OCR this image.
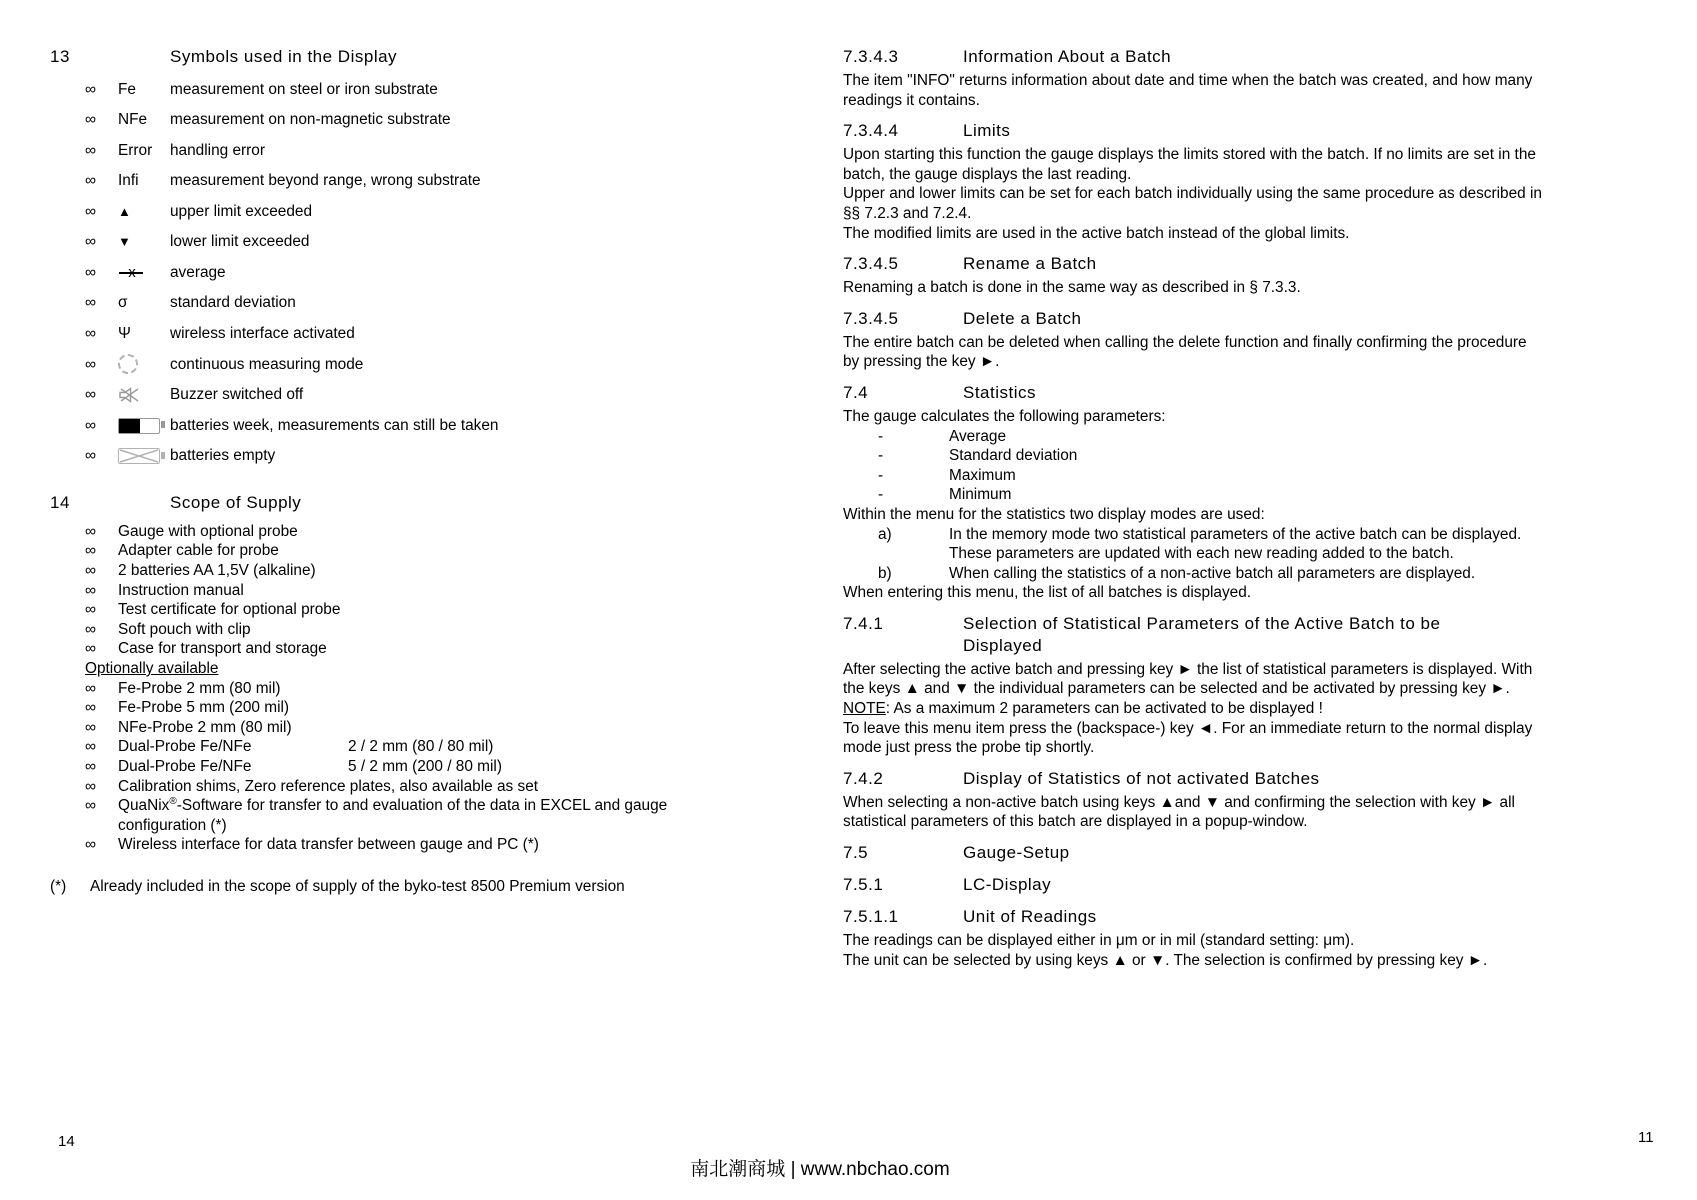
13	Symbols used in the Display
∞	Fe	measurement on steel or iron substrate
∞	NFe	measurement on non-magnetic substrate
∞	Error	handling error
∞	Infi	measurement beyond range, wrong substrate
∞	▲	upper limit exceeded
∞	▼	lower limit exceeded
∞ x	average
∞	σ	standard deviation
∞	Ψ	wireless interface activated
∞	continuous measuring mode
∞	Buzzer switched off
∞	batteries week, measurements can still be taken
∞	batteries empty
14	Scope of Supply
∞	Gauge with optional probe
∞	Adapter cable for probe
∞	2 batteries AA 1,5V (alkaline)
∞	Instruction manual
∞	Test certificate for optional probe
∞	Soft pouch with clip
∞	Case for transport and storage
Optionally available
∞	Fe-Probe 2 mm (80 mil)
∞	Fe-Probe 5 mm (200 mil)
∞	NFe-Probe 2 mm (80 mil)
∞	Dual-Probe Fe/NFe	2 / 2 mm (80 / 80 mil)
∞	Dual-Probe Fe/NFe	5 / 2 mm (200 / 80 mil)
∞	Calibration shims, Zero reference plates, also available as set
∞	QuaNix®-Software for transfer to and evaluation of the data in EXCEL and gauge configuration (*)
∞	Wireless interface for data transfer between gauge and PC (*)
(*)	Already included in the scope of supply of the byko-test 8500 Premium version
7.3.4.3	Information About a Batch

The item "INFO" returns information about date and time when the batch was created, and how many readings it contains.

7.3.4.4	Limits

Upon starting this function the gauge displays the limits stored with the batch. If no limits are set in the batch, the gauge displays the last reading.

Upper and lower limits can be set for each batch individually using the same procedure as described in §§ 7.2.3 and 7.2.4.

The modified limits are used in the active batch instead of the global limits.

7.3.4.5	Rename a Batch

Renaming a batch is done in the same way as described in § 7.3.3.

7.3.4.5	Delete a Batch

The entire batch can be deleted when calling the delete function and finally confirming the procedure by pressing the key ►.

7.4	Statistics

The gauge calculates the following parameters:

-	Average
-	Standard deviation
-	Maximum
-	Minimum

Within the menu for the statistics two display modes are used:

a)	In the memory mode two statistical parameters of the active batch can be displayed. These parameters are updated with each new reading added to the batch.
b)	When calling the statistics of a non-active batch all parameters are displayed.

When entering this menu, the list of all batches is displayed.

7.4.1	Selection of Statistical Parameters of the Active Batch to be Displayed

After selecting the active batch and pressing key ► the list of statistical parameters is displayed. With the keys ▲ and ▼ the individual parameters can be selected and be activated by pressing key ►.

NOTE: As a maximum 2 parameters can be activated to be displayed !

To leave this menu item press the (backspace-) key ◄. For an immediate return to the normal display mode just press the probe tip shortly.

7.4.2	Display of Statistics of not activated Batches

When selecting a non-active batch using keys ▲and ▼ and confirming the selection with key ► all statistical parameters of this batch are displayed in a popup-window.

7.5	Gauge-Setup
7.5.1	LC-Display
7.5.1.1	Unit of Readings

The readings can be displayed either in μm or in mil (standard setting: μm).

The unit can be selected by using keys ▲ or ▼. The selection is confirmed by pressing key ►.

14	11
南北潮商城 | www.nbchao.com
